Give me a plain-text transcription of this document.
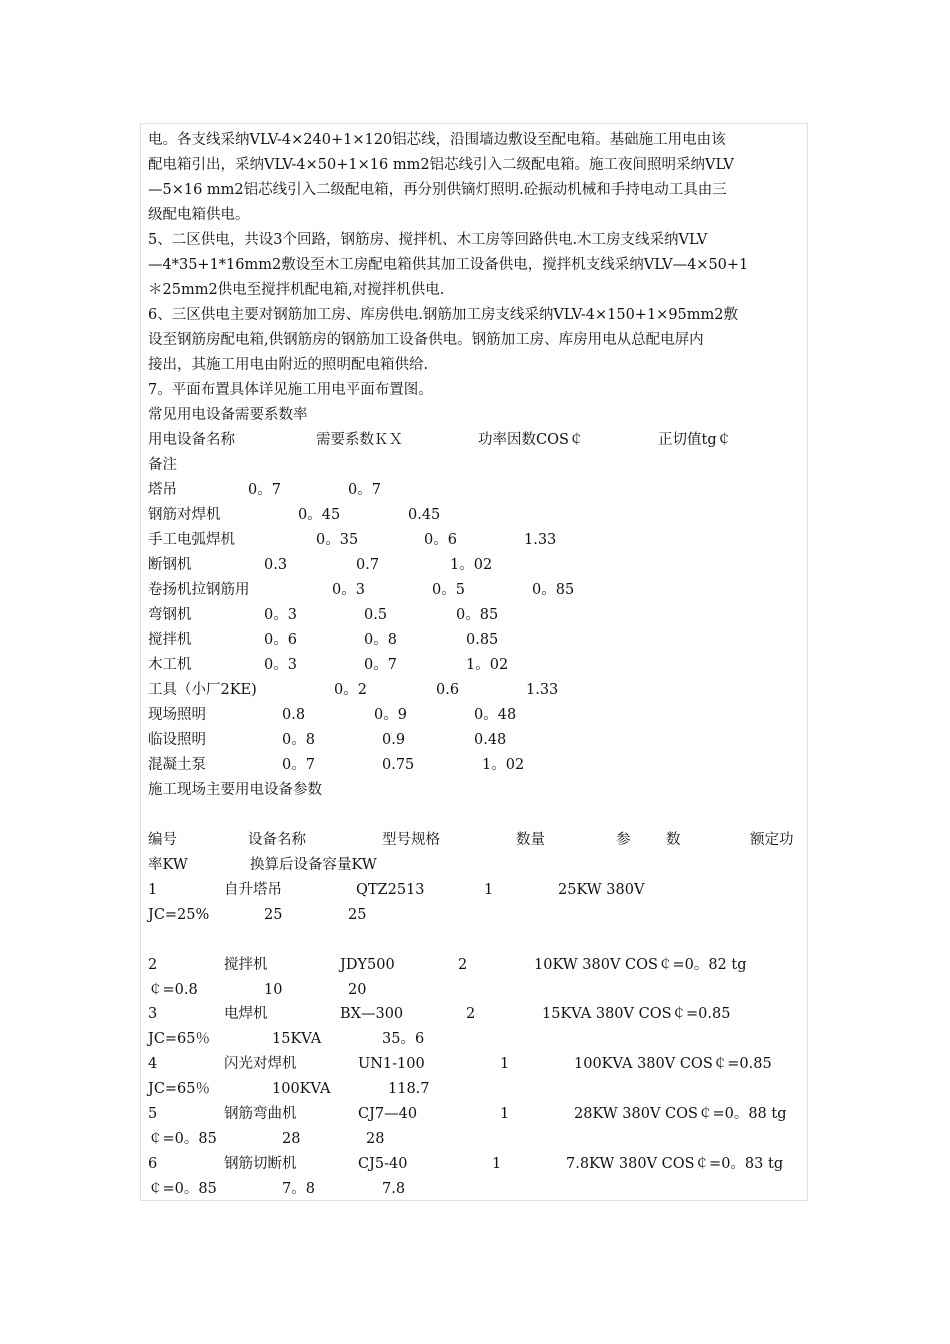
电。各支线采纳VLV-4×240+1×120铝芯线，沿围墙边敷设至配电箱。基础施工用电由该
配电箱引出，采纳VLV-4×50+1×16 mm2铝芯线引入二级配电箱。施工夜间照明采纳VLV
—5×16 mm2铝芯线引入二级配电箱，再分别供镝灯照明.砼振动机械和手持电动工具由三
级配电箱供电。
5、二区供电，共设3个回路，钢筋房、搅拌机、木工房等回路供电.木工房支线采纳VLV
—4*35+1*16mm2敷设至木工房配电箱供其加工设备供电，搅拌机支线采纳VLV—4×50+1
＊25mm2供电至搅拌机配电箱,对搅拌机供电.
6、三区供电主要对钢筋加工房、库房供电.钢筋加工房支线采纳VLV-4×150+1×95mm2敷
设至钢筋房配电箱,供钢筋房的钢筋加工设备供电。钢筋加工房、库房用电从总配电屏内
接出，其施工用电由附近的照明配电箱供给.
7。平面布置具体详见施工用电平面布置图。
常见用电设备需要系数率
用电设备名称	需要系数ＫＸ	功率因数COS￠	正切值tg￠
备注
塔吊	0。7	0。7
钢筋对焊机	0。45	0.45
手工电弧焊机	0。35	0。6	1.33
断钢机	0.3	0.7	1。02
卷扬机拉钢筋用	0。3	0。5	0。85
弯钢机	0。3	0.5	0。85
搅拌机	0。6	0。8	0.85
木工机	0。3	0。7	1。02
工具（小厂2KE)	0。2	0.6	1.33
现场照明	0.8	0。9	0。48
临设照明	0。8	0.9	0.48
混凝土泵	0。7	0.75	1。02
施工现场主要用电设备参数
编号	设备名称	型号规格	数量	参 数	额定功
率KW	换算后设备容量KW
1	自升塔吊	QTZ2513	1	25KW 380V
JC=25%	25	25
2	搅拌机	JDY500	2	10KW 380V COS￠=0。82 tg
￠=0.8	10	20
3	电焊机	BX—300	2	15KVA 380V COS￠=0.85
JC=65％	15KVA	35。6
4	闪光对焊机	UN1-100	1	100KVA 380V COS￠=0.85
JC=65％	100KVA	118.7
5	钢筋弯曲机	CJ7—40	1	28KW 380V COS￠=0。88 tg
￠=0。85	28	28
6	钢筋切断机	CJ5-40	1	7.8KW 380V COS￠=0。83 tg
￠=0。85	7。8	7.8
